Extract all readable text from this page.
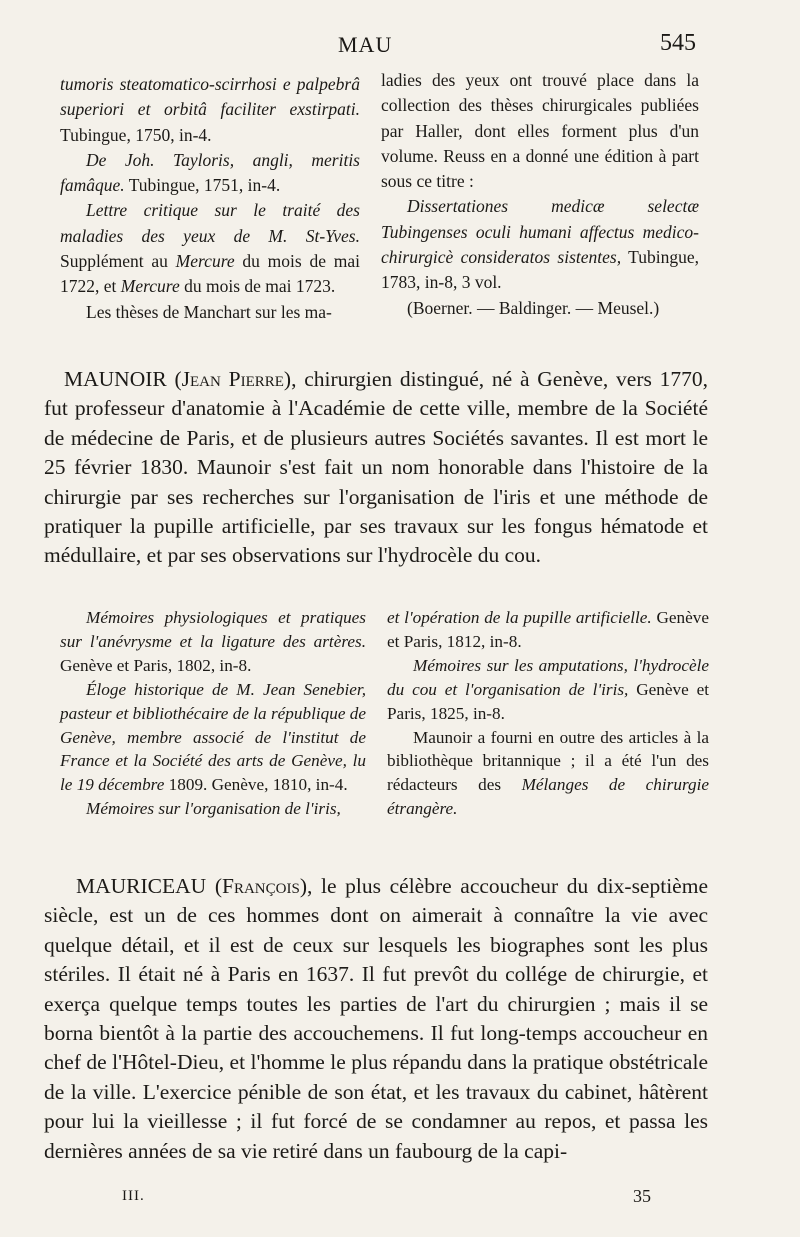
MAU	545

tumoris steatomatico-scirrhosi e palpebrâ superiori et orbitâ faciliter exstirpati. Tubingue, 1750, in-4.

De Joh. Tayloris, angli, meritis famâque. Tubingue, 1751, in-4.

Lettre critique sur le traité des maladies des yeux de M. St-Yves. Supplément au Mercure du mois de mai 1722, et Mercure du mois de mai 1723.

Les thèses de Manchart sur les ma-

ladies des yeux ont trouvé place dans la collection des thèses chirurgicales publiées par Haller, dont elles forment plus d'un volume. Reuss en a donné une édition à part sous ce titre :

Dissertationes medicæ selectæ Tubingenses oculi humani affectus medico-chirurgicè consideratos sistentes, Tubingue, 1783, in-8, 3 vol.

(Boerner. — Baldinger. — Meusel.)

MAUNOIR (Jean Pierre), chirurgien distingué, né à Genève, vers 1770, fut professeur d'anatomie à l'Académie de cette ville, membre de la Société de médecine de Paris, et de plusieurs autres Sociétés savantes. Il est mort le 25 février 1830. Maunoir s'est fait un nom honorable dans l'histoire de la chirurgie par ses recherches sur l'organisation de l'iris et une méthode de pratiquer la pupille artificielle, par ses travaux sur les fongus hématode et médullaire, et par ses observations sur l'hydrocèle du cou.

Mémoires physiologiques et pratiques sur l'anévrysme et la ligature des artères. Genève et Paris, 1802, in-8.

Éloge historique de M. Jean Senebier, pasteur et bibliothécaire de la république de Genève, membre associé de l'institut de France et la Société des arts de Genève, lu le 19 décembre 1809. Genève, 1810, in-4.

Mémoires sur l'organisation de l'iris,

et l'opération de la pupille artificielle. Genève et Paris, 1812, in-8.

Mémoires sur les amputations, l'hydrocèle du cou et l'organisation de l'iris, Genève et Paris, 1825, in-8.

Maunoir a fourni en outre des articles à la bibliothèque britannique ; il a été l'un des rédacteurs des Mélanges de chirurgie étrangère.

MAURICEAU (François), le plus célèbre accoucheur du dix-septième siècle, est un de ces hommes dont on aimerait à connaître la vie avec quelque détail, et il est de ceux sur lesquels les biographes sont les plus stériles. Il était né à Paris en 1637. Il fut prevôt du collége de chirurgie, et exerça quelque temps toutes les parties de l'art du chirurgien ; mais il se borna bientôt à la partie des accouchemens. Il fut long-temps accoucheur en chef de l'Hôtel-Dieu, et l'homme le plus répandu dans la pratique obstétricale de la ville. L'exercice pénible de son état, et les travaux du cabinet, hâtèrent pour lui la vieillesse ; il fut forcé de se condamner au repos, et passa les dernières années de sa vie retiré dans un faubourg de la capi-

III.	35
